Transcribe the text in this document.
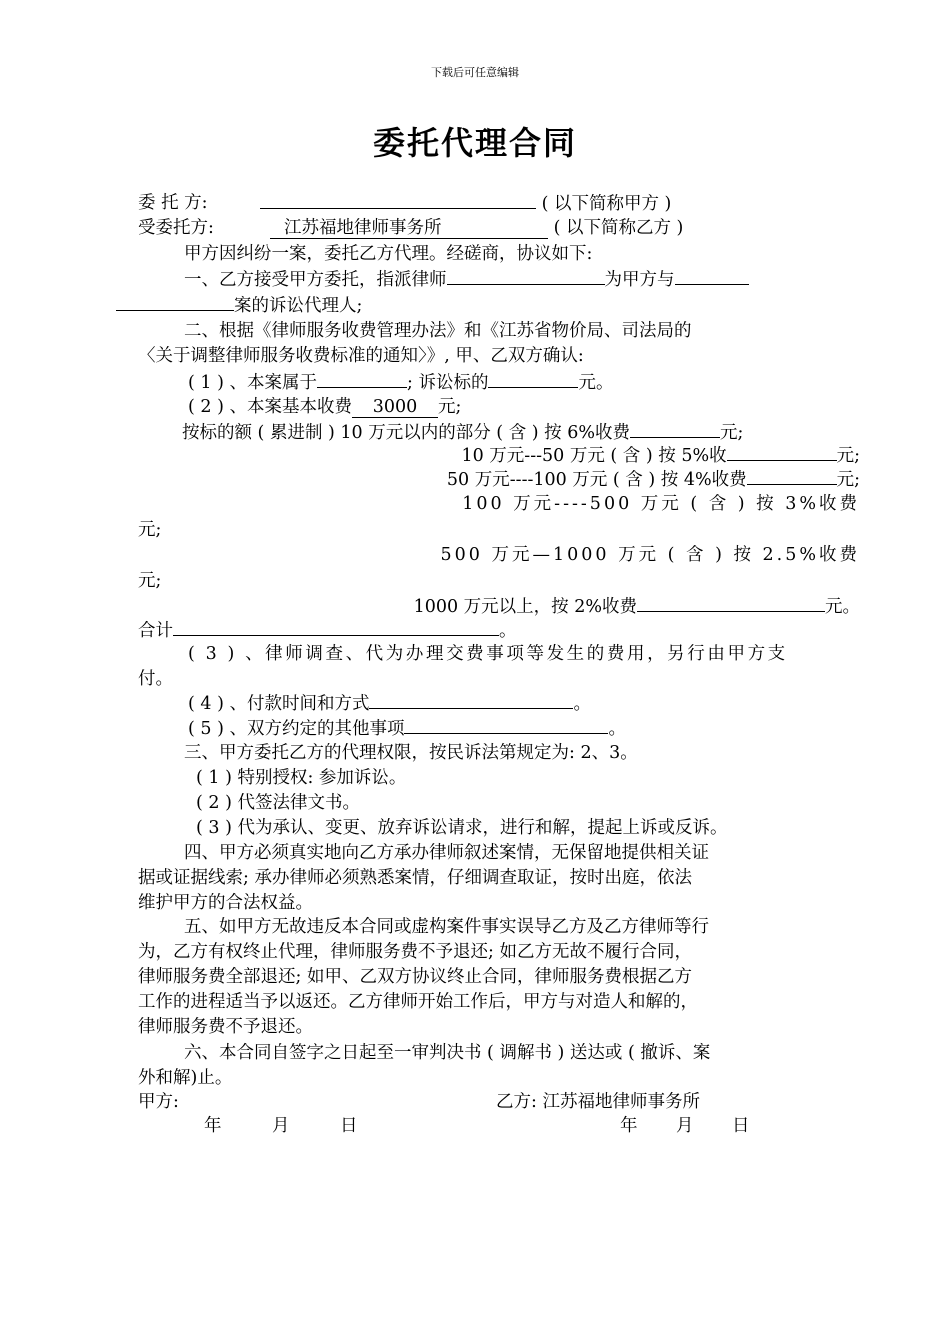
下载后可任意编辑
委托代理合同
委 托 方:	( 以下简称甲方 )
受委托方:	江苏福地律师事务所	( 以下简称乙方 )
甲方因纠纷一案，委托乙方代理。经磋商，协议如下:
一、乙方接受甲方委托，指派律师	为甲方与
案的诉讼代理人;
二、根据《律师服务收费管理办法》和《江苏省物价局、司法局的
〈关于调整律师服务收费标准的通知〉》, 甲、乙双方确认:
( 1 ) 、本案属于	; 诉讼标的	元。
( 2 ) 、本案基本收费 3000 元;
按标的额 ( 累进制 ) 10 万元以内的部分 ( 含 ) 按 6%收费	元;
10 万元---50 万元 ( 含 ) 按 5%收	元;
50 万元----100 万元 ( 含 ) 按 4%收费	元;
100 万元----500 万元 ( 含 ) 按 3%收费
元;
500 万元—1000 万元 ( 含 ) 按 2.5%收费
元;
1000 万元以上，按 2%收费	元。
合计	。
( 3 ) 、律师调查、代为办理交费事项等发生的费用，另行由甲方支
付。
( 4 ) 、付款时间和方式	。
( 5 ) 、双方约定的其他事项	。
三、甲方委托乙方的代理权限，按民诉法第规定为: 2、3。
( 1 ) 特别授权: 参加诉讼。
( 2 ) 代签法律文书。
( 3 ) 代为承认、变更、放弃诉讼请求，进行和解，提起上诉或反诉。
四、甲方必须真实地向乙方承办律师叙述案情，无保留地提供相关证
据或证据线索; 承办律师必须熟悉案情，仔细调查取证，按时出庭，依法
维护甲方的合法权益。
五、如甲方无故违反本合同或虚构案件事实误导乙方及乙方律师等行
为，乙方有权终止代理，律师服务费不予退还; 如乙方无故不履行合同，
律师服务费全部退还; 如甲、乙双方协议终止合同，律师服务费根据乙方
工作的进程适当予以返还。乙方律师开始工作后，甲方与对造人和解的，
律师服务费不予退还。
六、本合同自签字之日起至一审判决书 ( 调解书 ) 送达或 ( 撤诉、案
外和解)止。
甲方:	乙方: 江苏福地律师事务所
年	月	日	年 月 日
